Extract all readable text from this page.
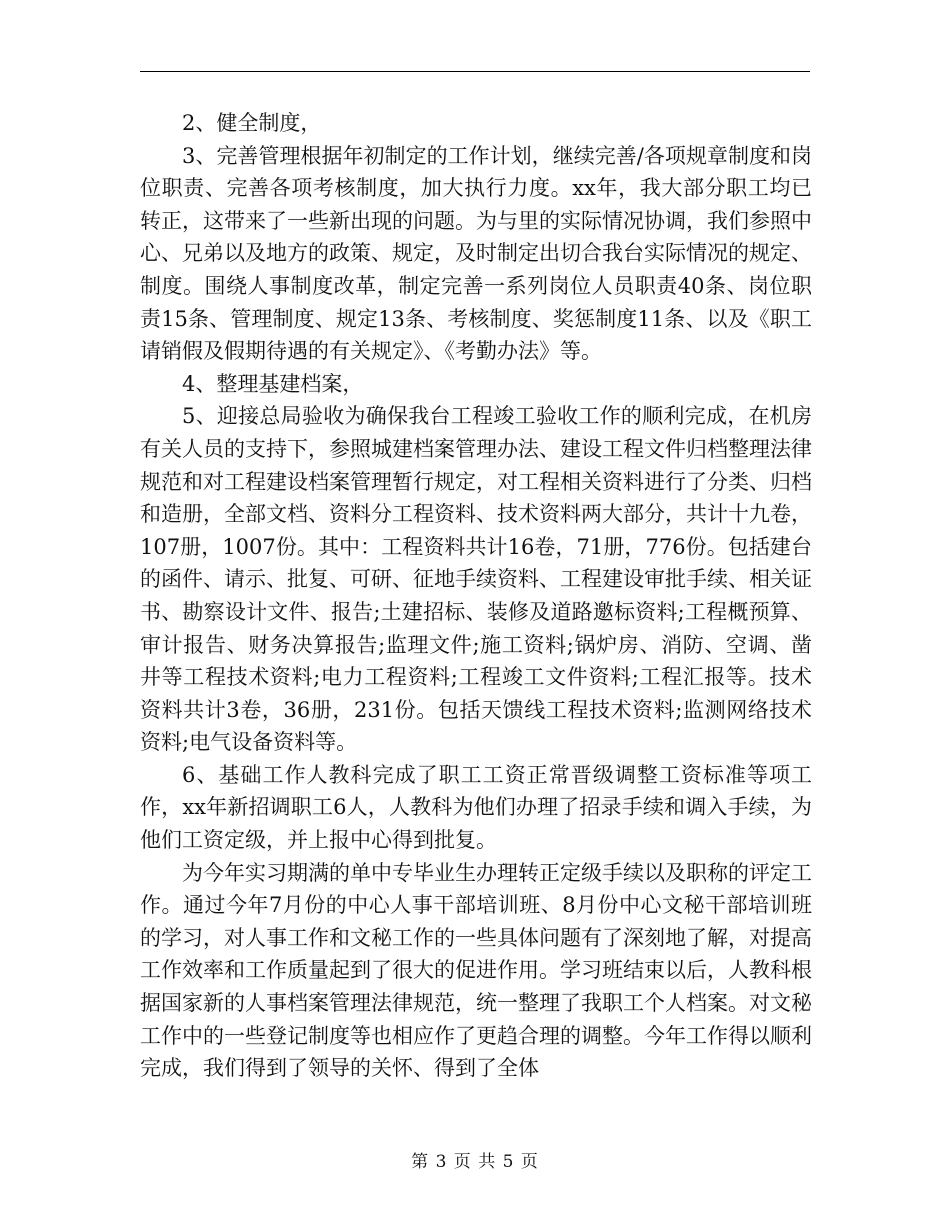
2、健全制度，

3、完善管理根据年初制定的工作计划，继续完善/各项规章制度和岗位职责、完善各项考核制度，加大执行力度。xx年，我大部分职工均已转正，这带来了一些新出现的问题。为与里的实际情况协调，我们参照中心、兄弟以及地方的政策、规定，及时制定出切合我台实际情况的规定、制度。围绕人事制度改革，制定完善一系列岗位人员职责40条、岗位职责15条、管理制度、规定13条、考核制度、奖惩制度11条、以及《职工请销假及假期待遇的有关规定》、《考勤办法》等。

4、整理基建档案，

5、迎接总局验收为确保我台工程竣工验收工作的顺利完成，在机房有关人员的支持下，参照城建档案管理办法、建设工程文件归档整理法律规范和对工程建设档案管理暂行规定，对工程相关资料进行了分类、归档和造册，全部文档、资料分工程资料、技术资料两大部分，共计十九卷，107册，1007份。其中：工程资料共计16卷，71册，776份。包括建台的函件、请示、批复、可研、征地手续资料、工程建设审批手续、相关证书、勘察设计文件、报告;土建招标、装修及道路邀标资料;工程概预算、审计报告、财务决算报告;监理文件;施工资料;锅炉房、消防、空调、凿井等工程技术资料;电力工程资料;工程竣工文件资料;工程汇报等。技术资料共计3卷，36册，231份。包括天馈线工程技术资料;监测网络技术资料;电气设备资料等。

6、基础工作人教科完成了职工工资正常晋级调整工资标准等项工作，xx年新招调职工6人，人教科为他们办理了招录手续和调入手续，为他们工资定级，并上报中心得到批复。

为今年实习期满的单中专毕业生办理转正定级手续以及职称的评定工作。通过今年7月份的中心人事干部培训班、8月份中心文秘干部培训班的学习，对人事工作和文秘工作的一些具体问题有了深刻地了解，对提高工作效率和工作质量起到了很大的促进作用。学习班结束以后，人教科根据国家新的人事档案管理法律规范，统一整理了我职工个人档案。对文秘工作中的一些登记制度等也相应作了更趋合理的调整。今年工作得以顺利完成，我们得到了领导的关怀、得到了全体

第 3 页 共 5 页
